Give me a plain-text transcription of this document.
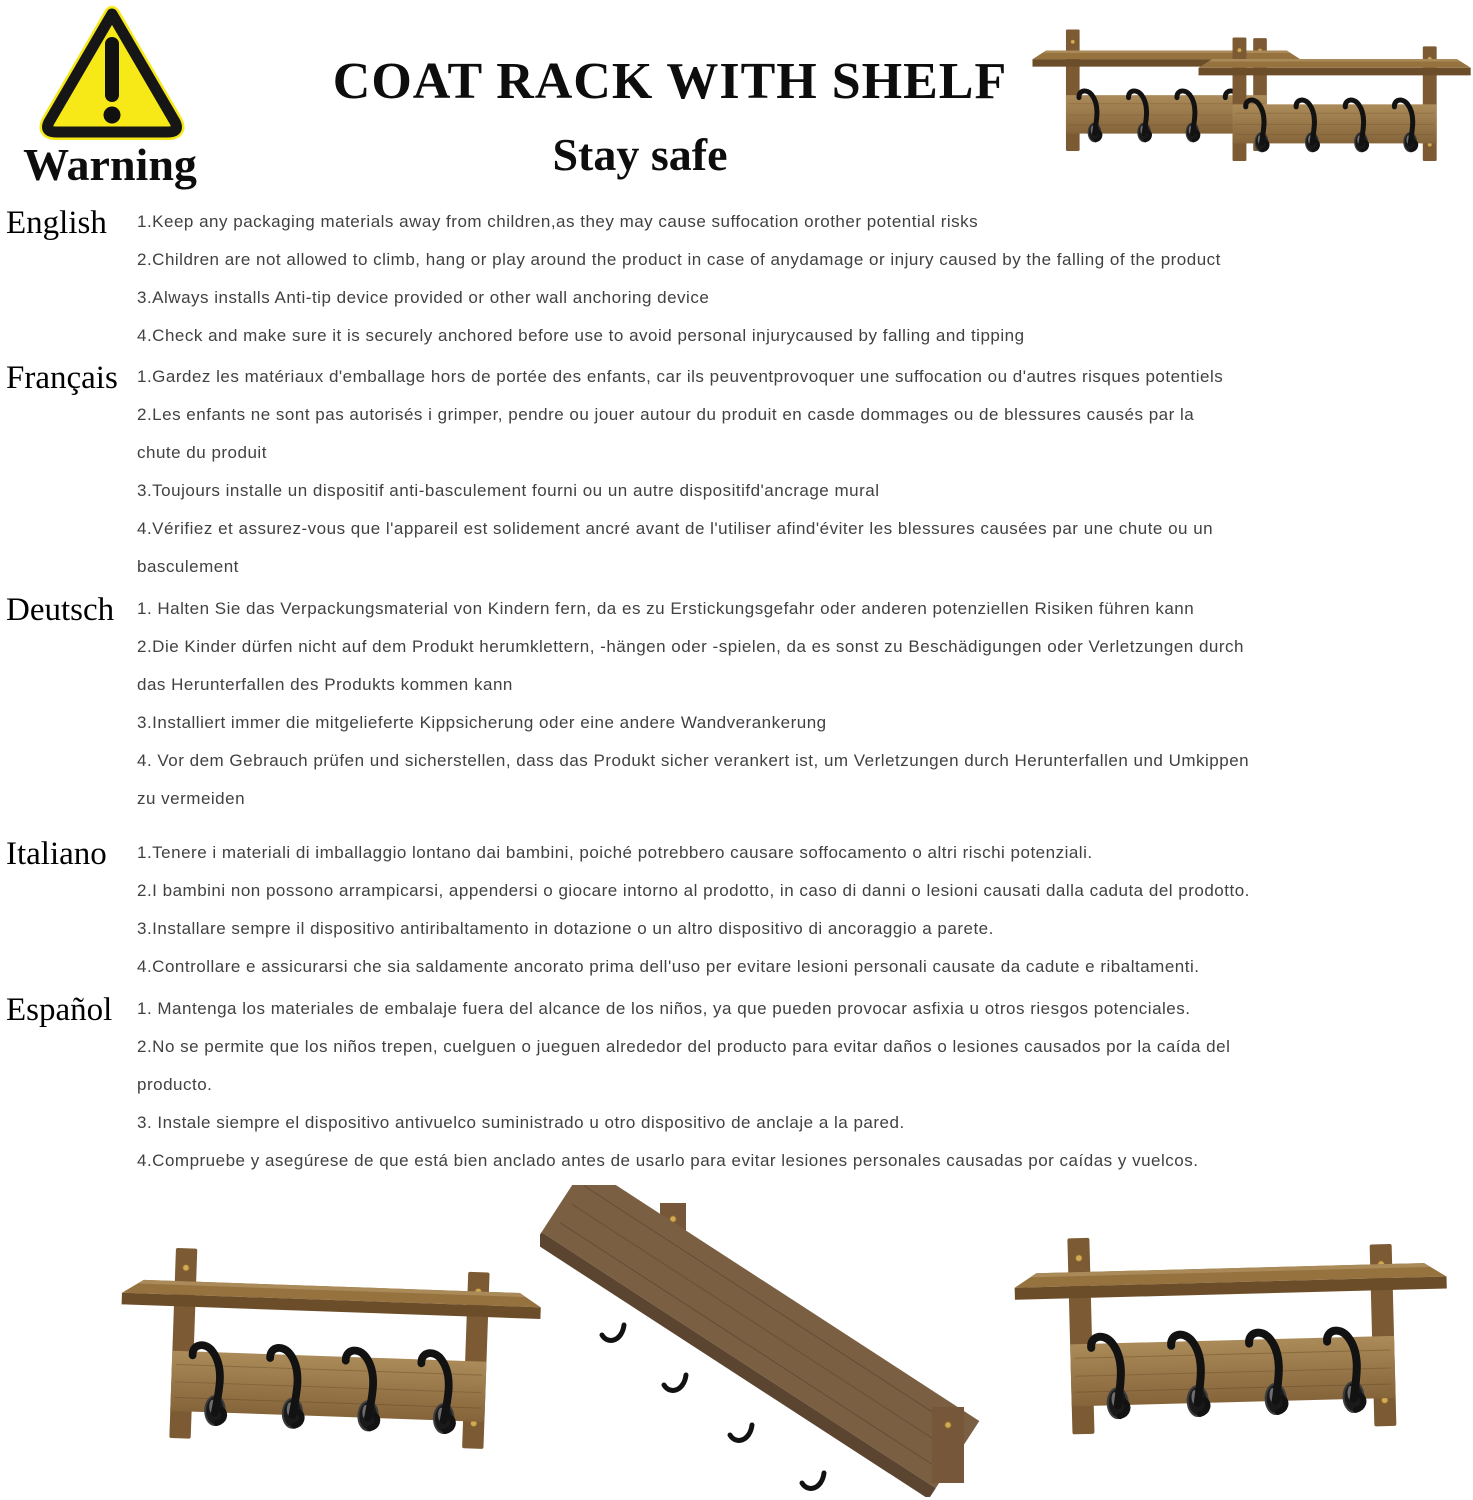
Warning
COAT RACK WITH SHELF
Stay safe
English	1.Keep any packaging materials away from children,as they may cause suffocation orother potential risks
2.Children are not allowed to climb, hang or play around the product in case of anydamage or injury caused by the falling of the product
3.Always installs Anti-tip device provided or other wall anchoring device
4.Check and make sure it is securely anchored before use to avoid personal injurycaused by falling and tipping
Français	1.Gardez les matériaux d'emballage hors de portée des enfants, car ils peuventprovoquer une suffocation ou d'autres risques potentiels
2.Les enfants ne sont pas autorisés i grimper, pendre ou jouer autour du produit en casde dommages ou de blessures causés par la
chute du produit
3.Toujours installe un dispositif anti-basculement fourni ou un autre dispositifd'ancrage mural
4.Vérifiez et assurez-vous que l'appareil est solidement ancré avant de l'utiliser afind'éviter les blessures causées par une chute ou un
basculement
Deutsch	1. Halten Sie das Verpackungsmaterial von Kindern fern, da es zu Erstickungsgefahr oder anderen potenziellen Risiken führen kann
2.Die Kinder dürfen nicht auf dem Produkt herumklettern, -hängen oder -spielen, da es sonst zu Beschädigungen oder Verletzungen durch
das Herunterfallen des Produkts kommen kann
3.Installiert immer die mitgelieferte Kippsicherung oder eine andere Wandverankerung
4. Vor dem Gebrauch prüfen und sicherstellen, dass das Produkt sicher verankert ist, um Verletzungen durch Herunterfallen und Umkippen
zu vermeiden
Italiano	1.Tenere i materiali di imballaggio lontano dai bambini, poiché potrebbero causare soffocamento o altri rischi potenziali.
2.I bambini non possono arrampicarsi, appendersi o giocare intorno al prodotto, in caso di danni o lesioni causati dalla caduta del prodotto.
3.Installare sempre il dispositivo antiribaltamento in dotazione o un altro dispositivo di ancoraggio a parete.
4.Controllare e assicurarsi che sia saldamente ancorato prima dell'uso per evitare lesioni personali causate da cadute e ribaltamenti.
Español	1. Mantenga los materiales de embalaje fuera del alcance de los niños, ya que pueden provocar asfixia u otros riesgos potenciales.
2.No se permite que los niños trepen, cuelguen o jueguen alrededor del producto para evitar daños o lesiones causados por la caída del
producto.
3. Instale siempre el dispositivo antivuelco suministrado u otro dispositivo de anclaje a la pared.
4.Compruebe y asegúrese de que está bien anclado antes de usarlo para evitar lesiones personales causadas por caídas y vuelcos.
